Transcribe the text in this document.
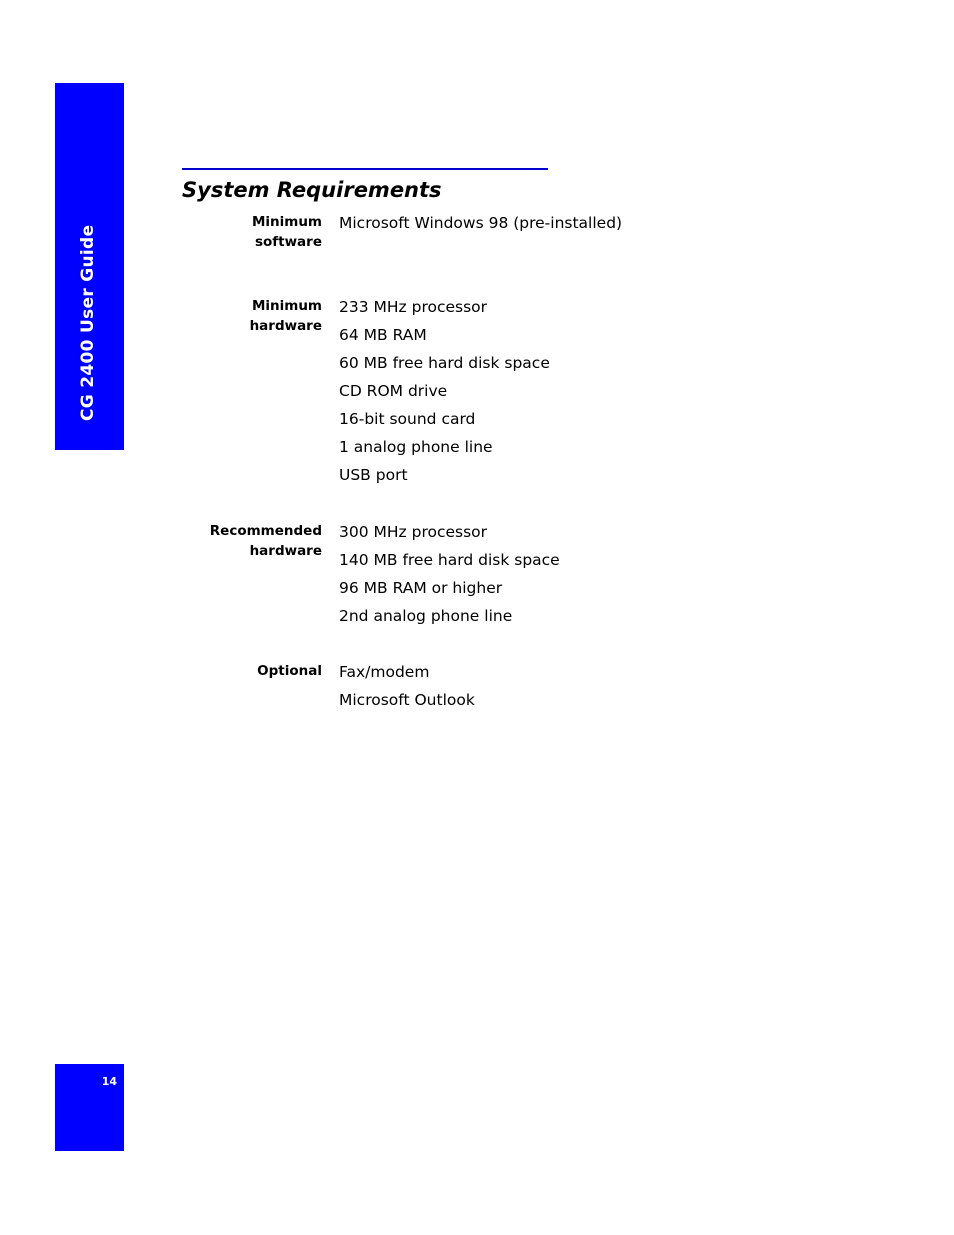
CG 2400 User Guide
System Requirements
Minimum
software
Microsoft Windows 98 (pre-installed)
Minimum
hardware
233 MHz processor
64 MB RAM
60 MB free hard disk space
CD ROM drive
16-bit sound card
1 analog phone line
USB port
Recommended
hardware
300 MHz processor
140 MB free hard disk space
96 MB RAM or higher
2nd analog phone line
Optional Fax/modem
Microsoft Outlook
14
